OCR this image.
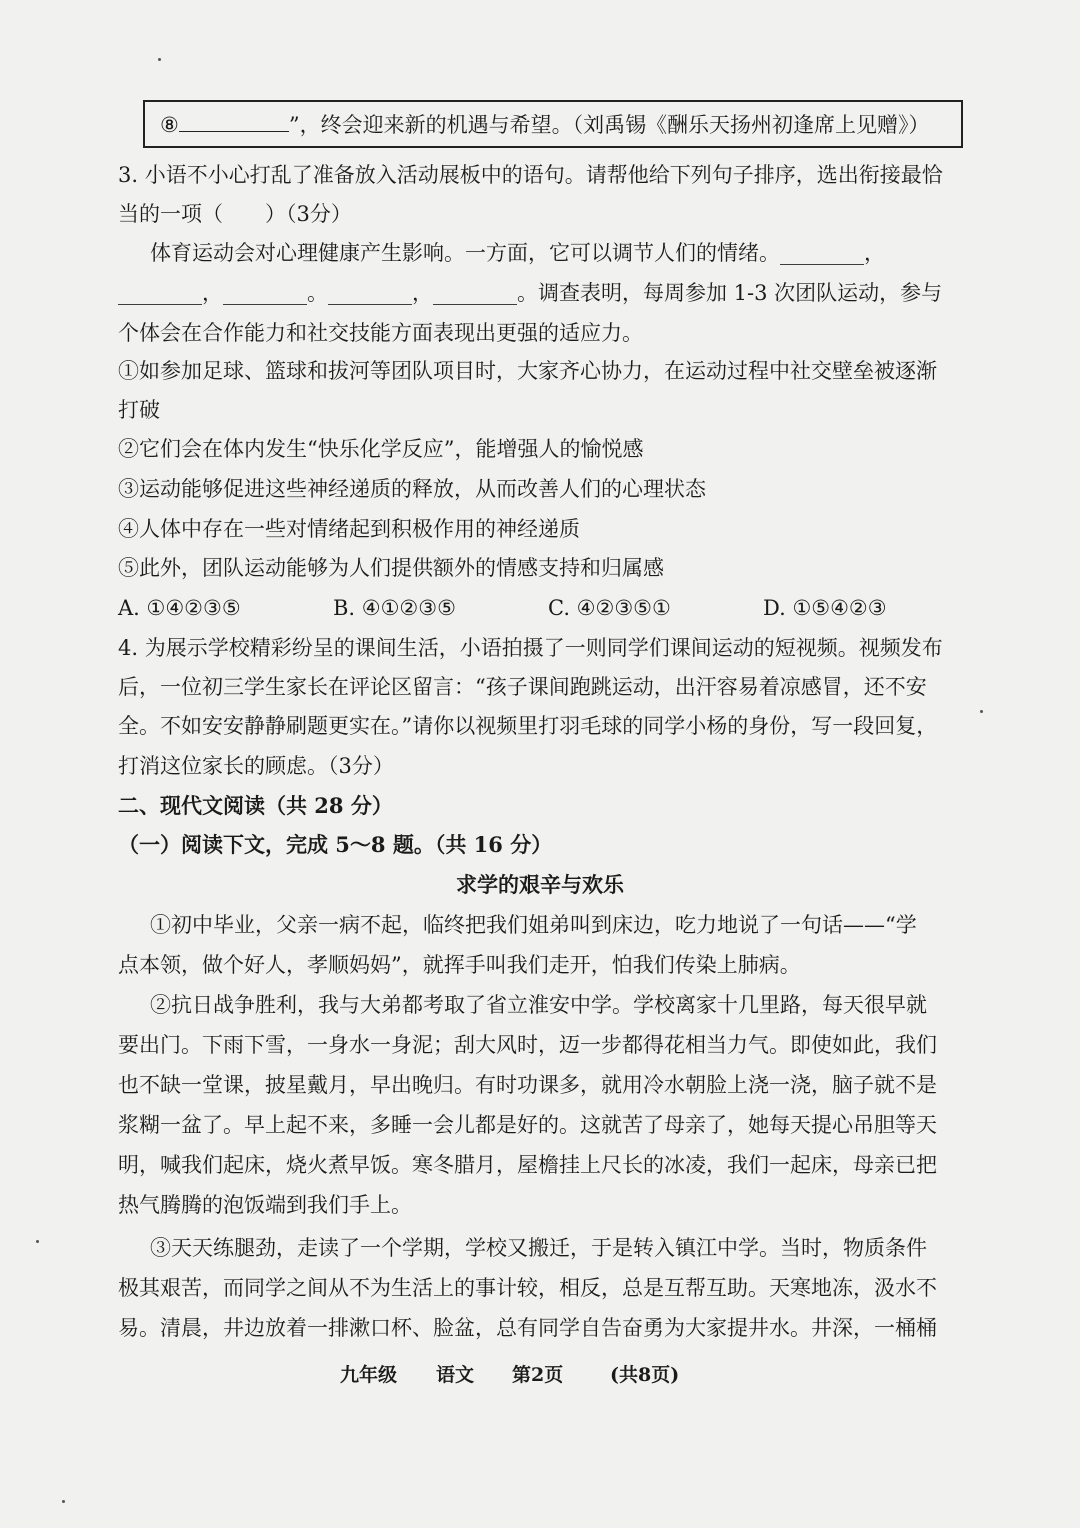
⑧	”，终会迎来新的机遇与希望。（刘禹锡《酬乐天扬州初逢席上见赠》）
3. 小语不小心打乱了准备放入活动展板中的语句。请帮他给下列句子排序，选出衔接最恰
当的一项（　　）（3分）
体育运动会对心理健康产生影响。一方面，它可以调节人们的情绪。________，
________，________。________，________。调查表明，每周参加 1-3 次团队运动，参与
个体会在合作能力和社交技能方面表现出更强的适应力。
①如参加足球、篮球和拔河等团队项目时，大家齐心协力，在运动过程中社交壁垒被逐渐
打破
②它们会在体内发生“快乐化学反应”，能增强人的愉悦感
③运动能够促进这些神经递质的释放，从而改善人们的心理状态
④人体中存在一些对情绪起到积极作用的神经递质
⑤此外，团队运动能够为人们提供额外的情感支持和归属感
A. ①④②③⑤	B. ④①②③⑤	C. ④②③⑤①	D. ①⑤④②③
4. 为展示学校精彩纷呈的课间生活，小语拍摄了一则同学们课间运动的短视频。视频发布
后，一位初三学生家长在评论区留言：“孩子课间跑跳运动，出汗容易着凉感冒，还不安
全。不如安安静静刷题更实在。”请你以视频里打羽毛球的同学小杨的身份，写一段回复，
打消这位家长的顾虑。（3分）
二、现代文阅读（共 28 分）
（一）阅读下文，完成 5～8 题。（共 16 分）
求学的艰辛与欢乐
①初中毕业，父亲一病不起，临终把我们姐弟叫到床边，吃力地说了一句话——“学
点本领，做个好人，孝顺妈妈”，就挥手叫我们走开，怕我们传染上肺病。
②抗日战争胜利，我与大弟都考取了省立淮安中学。学校离家十几里路，每天很早就
要出门。下雨下雪，一身水一身泥；刮大风时，迈一步都得花相当力气。即使如此，我们
也不缺一堂课，披星戴月，早出晚归。有时功课多，就用冷水朝脸上浇一浇，脑子就不是
浆糊一盆了。早上起不来，多睡一会儿都是好的。这就苦了母亲了，她每天提心吊胆等天
明，喊我们起床，烧火煮早饭。寒冬腊月，屋檐挂上尺长的冰凌，我们一起床，母亲已把
热气腾腾的泡饭端到我们手上。
③天天练腿劲，走读了一个学期，学校又搬迁，于是转入镇江中学。当时，物质条件
极其艰苦，而同学之间从不为生活上的事计较，相反，总是互帮互助。天寒地冻，汲水不
易。清晨，井边放着一排漱口杯、脸盆，总有同学自告奋勇为大家提井水。井深，一桶桶
九年级 语文 第2页 (共8页)
